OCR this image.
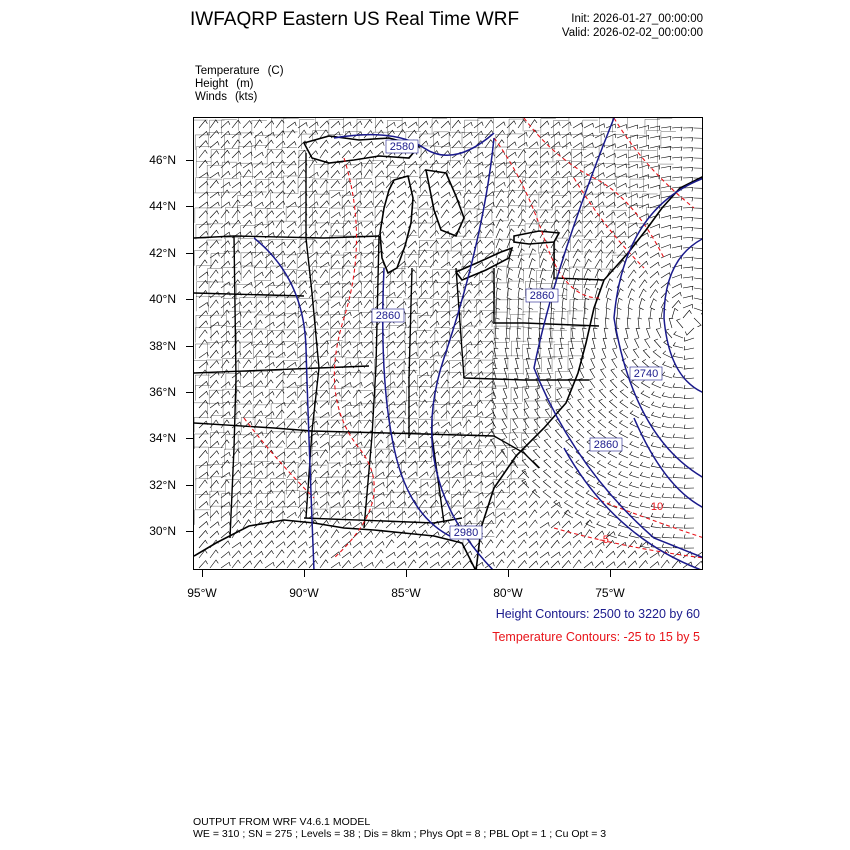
IWFAQRP Eastern US Real Time WRF	Init: 2026-01-27_00:00:00
Valid: 2026-02-02_00:00:00
Temperature (C)
Height (m)
Winds (kts)
2580
2860
2860
2740
2860
2980
10
-5
46°N
44°N
42°N
40°N
38°N
36°N
34°N
32°N
30°N
95°W	90°W	85°W	80°W	75°W
Height Contours: 2500 to 3220 by 60
Temperature Contours: -25 to 15 by 5
OUTPUT FROM WRF V4.6.1 MODEL
WE = 310 ; SN = 275 ; Levels = 38 ; Dis = 8km ; Phys Opt = 8 ; PBL Opt = 1 ; Cu Opt = 3
